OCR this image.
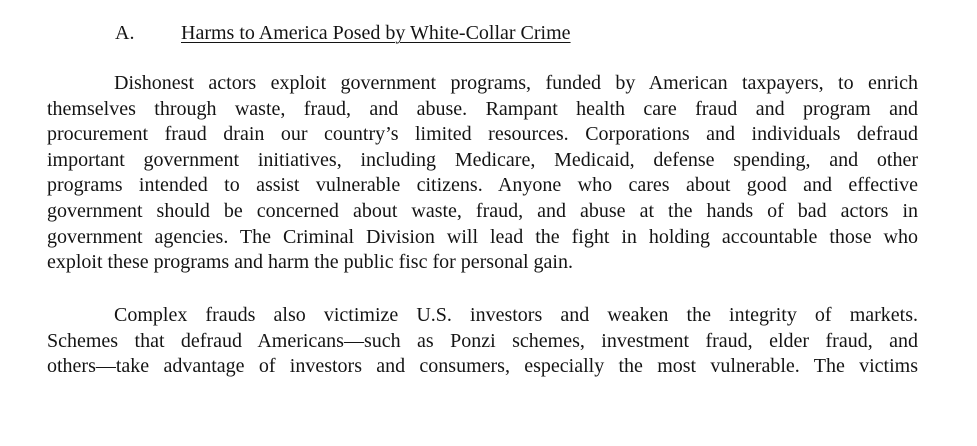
A. Harms to America Posed by White-Collar Crime
Dishonest actors exploit government programs, funded by American taxpayers, to enrich
themselves through waste, fraud, and abuse. Rampant health care fraud and program and
procurement fraud drain our country’s limited resources. Corporations and individuals defraud
important government initiatives, including Medicare, Medicaid, defense spending, and other
programs intended to assist vulnerable citizens. Anyone who cares about good and effective
government should be concerned about waste, fraud, and abuse at the hands of bad actors in
government agencies. The Criminal Division will lead the fight in holding accountable those who
exploit these programs and harm the public fisc for personal gain.
Complex frauds also victimize U.S. investors and weaken the integrity of markets.
Schemes that defraud Americans—such as Ponzi schemes, investment fraud, elder fraud, and
others—take advantage of investors and consumers, especially the most vulnerable. The victims
